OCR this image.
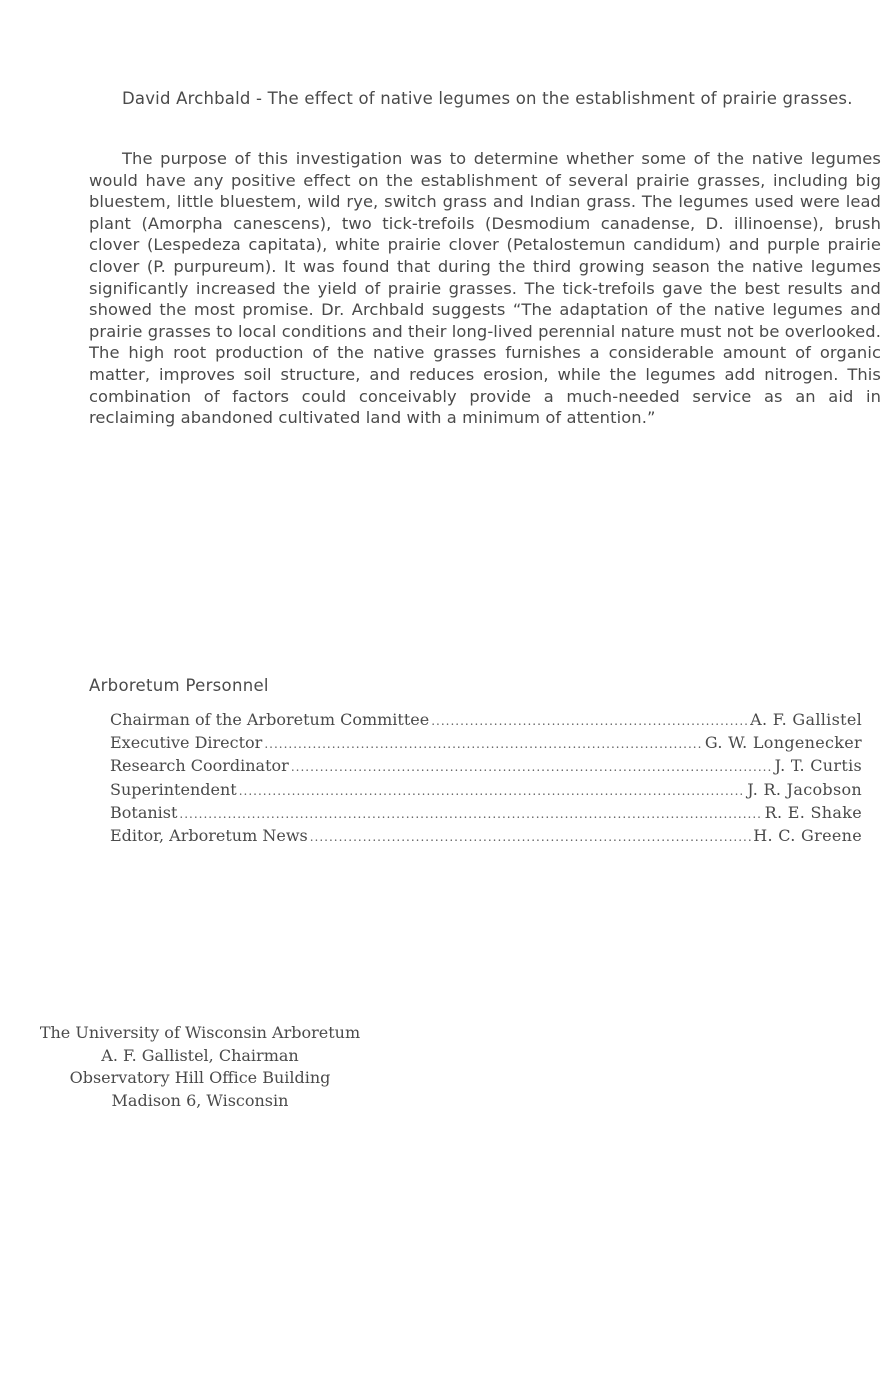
David Archbald - The effect of native legumes on the establishment of prairie grasses.

The purpose of this investigation was to determine whether some of the native legumes would have any positive effect on the establishment of several prairie grasses, including big bluestem, little bluestem, wild rye, switch grass and Indian grass. The legumes used were lead plant (Amorpha canescens), two tick-trefoils (Desmodium canadense, D. illinoense), brush clover (Lespedeza capitata), white prairie clover (Petalostemun candidum) and purple prairie clover (P. purpureum). It was found that during the third growing season the native legumes significantly increased the yield of prairie grasses. The tick-trefoils gave the best results and showed the most promise. Dr. Archbald suggests “The adaptation of the native legumes and prairie grasses to local conditions and their long-lived perennial nature must not be overlooked. The high root production of the native grasses furnishes a considerable amount of organic matter, improves soil structure, and reduces erosion, while the legumes add nitrogen. This combination of factors could conceivably provide a much-needed service as an aid in reclaiming abandoned cultivated land with a minimum of attention.”

Arboretum Personnel
Chairman of the Arboretum Committee .....	A. F. Gallistel
Executive Director .....	G. W. Longenecker
Research Coordinator .....	J. T. Curtis
Superintendent .....	J. R. Jacobson
Botanist .....	R. E. Shake
Editor, Arboretum News .....	H. C. Greene
The University of Wisconsin Arboretum
A. F. Gallistel, Chairman
Observatory Hill Office Building
Madison 6, Wisconsin
